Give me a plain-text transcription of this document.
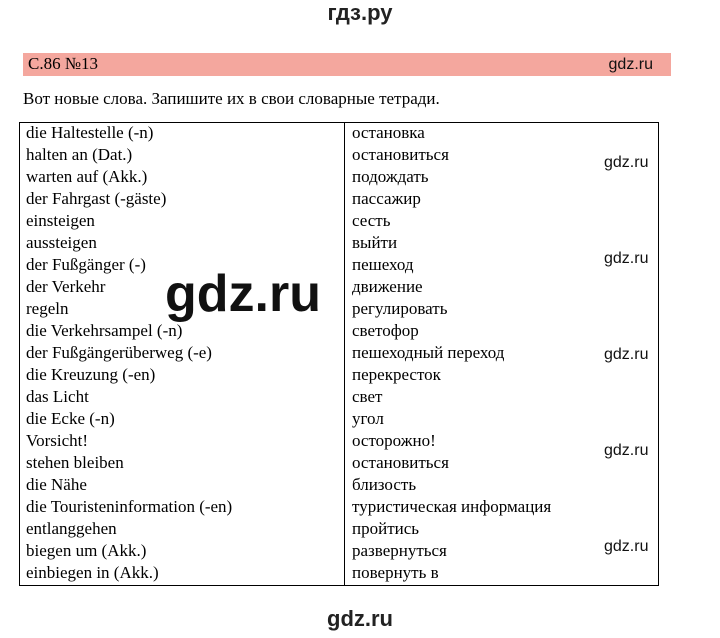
гдз.ру
С.86 №13	gdz.ru
Вот новые слова. Запишите их в свои словарные тетради.
die Haltestelle (-n)	остановка
halten an (Dat.)	остановиться
warten auf (Akk.)	подождать
der Fahrgast (-gäste)	пассажир
einsteigen	сесть
aussteigen	выйти
der Fußgänger (-)	пешеход
der Verkehr	движение
regeln	регулировать
die Verkehrsampel (-n)	светофор
der Fußgängerüberweg (-e)	пешеходный переход
die Kreuzung (-en)	перекресток
das Licht	свет
die Ecke (-n)	угол
Vorsicht!	осторожно!
stehen bleiben	остановиться
die Nähe	близость
die Touristeninformation (-en)	туристическая информация
entlanggehen	пройтись
biegen um (Akk.)	развернуться
einbiegen in (Akk.)	повернуть в
gdz.ru
gdz.ru
gdz.ru
gdz.ru
gdz.ru
gdz.ru
gdz.ru
